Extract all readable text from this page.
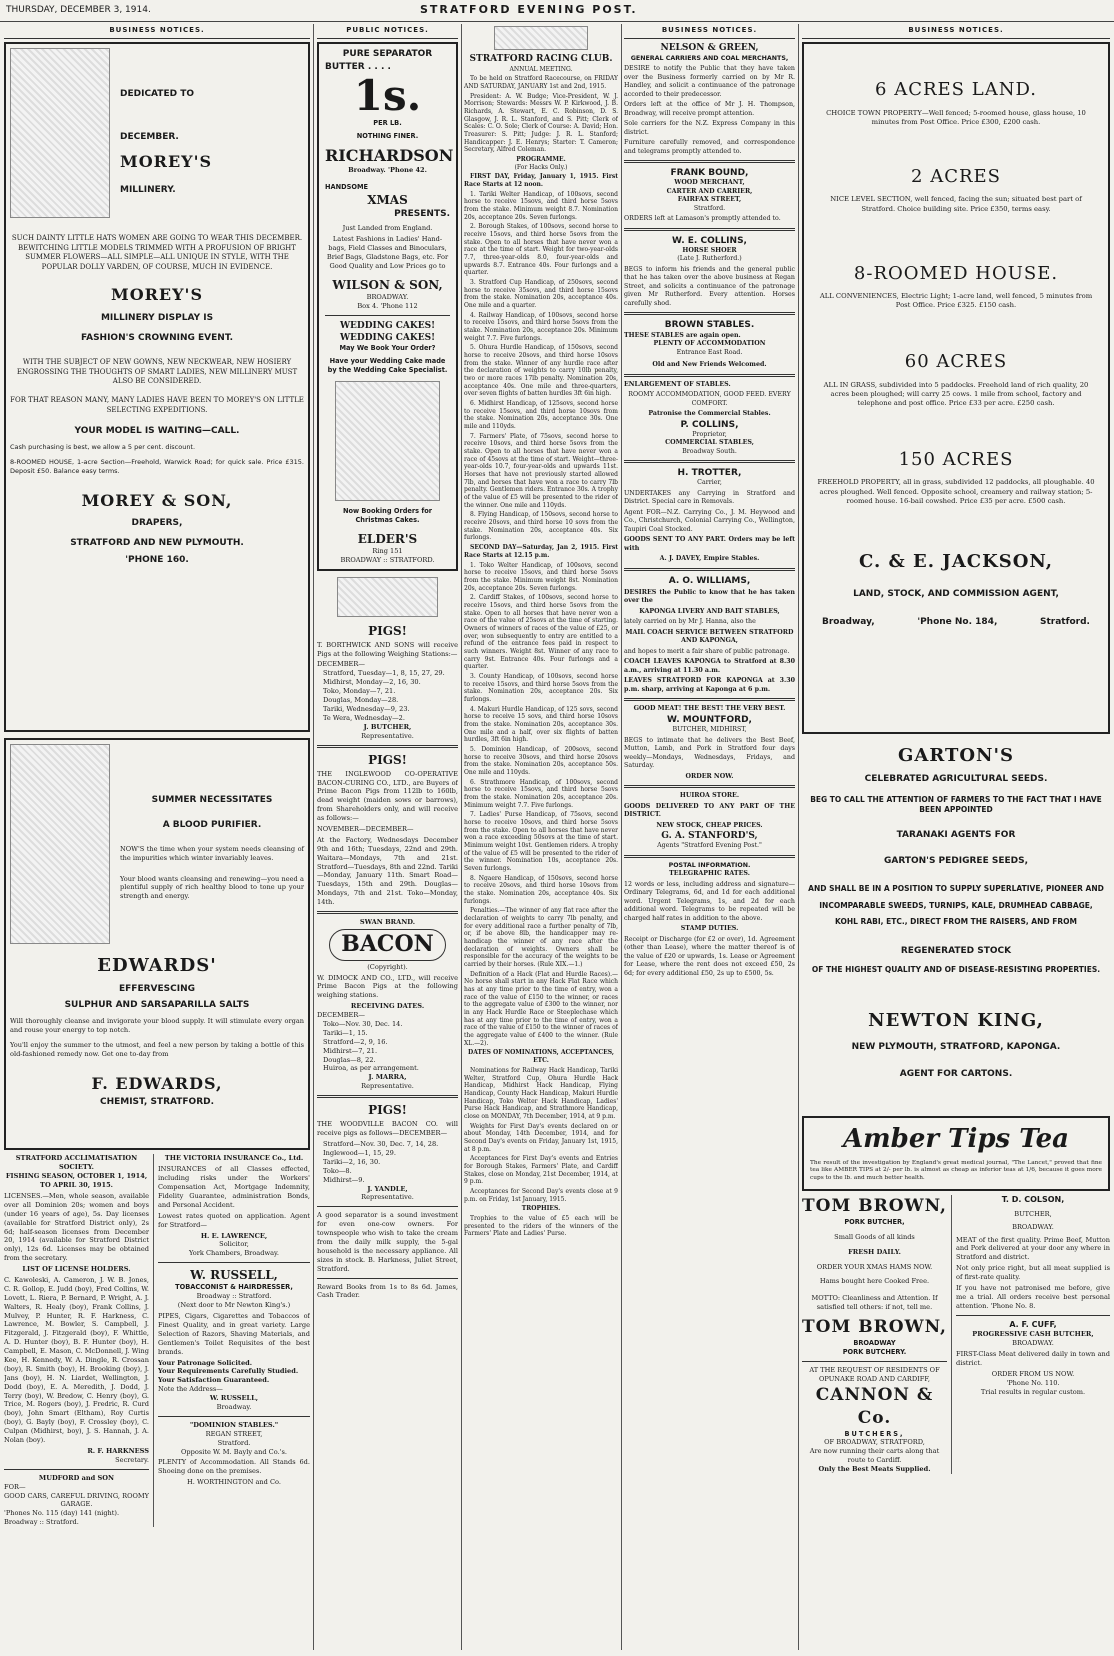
THURSDAY, DECEMBER 3, 1914.	STRATFORD EVENING POST.
BUSINESS NOTICES.
DEDICATED TO
DECEMBER.
MOREY'S
MILLINERY.

SUCH DAINTY LITTLE HATS WOMEN ARE GOING TO WEAR THIS DECEMBER. BEWITCHING LITTLE MODELS TRIMMED WITH A PROFUSION OF BRIGHT SUMMER FLOWERS—ALL SIMPLE—ALL UNIQUE IN STYLE, WITH THE POPULAR DOLLY VARDEN, OF COURSE, MUCH IN EVIDENCE.

MOREY'S
MILLINERY DISPLAY IS
FASHION'S CROWNING EVENT.

WITH THE SUBJECT OF NEW GOWNS, NEW NECKWEAR, NEW HOSIERY ENGROSSING THE THOUGHTS OF SMART LADIES, NEW MILLINERY MUST ALSO BE CONSIDERED.

FOR THAT REASON MANY, MANY LADIES HAVE BEEN TO MOREY'S ON LITTLE SELECTING EXPEDITIONS.

YOUR MODEL IS WAITING—CALL.

Cash purchasing is best, we allow a 5 per cent. discount.

8-ROOMED HOUSE, 1-acre Section—Freehold, Warwick Road; for quick sale. Price £315. Deposit £50. Balance easy terms.

MOREY & SON,
DRAPERS,
STRATFORD AND NEW PLYMOUTH.
'PHONE 160.
SUMMER NECESSITATES
A BLOOD PURIFIER.

NOW'S the time when your system needs cleansing of the impurities which winter invariably leaves.

Your blood wants cleansing and renewing—you need a plentiful supply of rich healthy blood to tone up your strength and energy.

EDWARDS'
EFFERVESCING
SULPHUR AND SARSAPARILLA SALTS

Will thoroughly cleanse and invigorate your blood supply. It will stimulate every organ and rouse your energy to top notch.

You'll enjoy the summer to the utmost, and feel a new person by taking a bottle of this old-fashioned remedy now. Get one to-day from

F. EDWARDS,
CHEMIST, STRATFORD.
STRATFORD ACCLIMATISATION SOCIETY.
FISHING SEASON, OCTOBER 1, 1914, TO APRIL 30, 1915.

LICENSES.—Men, whole season, available over all Dominion 20s; women and boys (under 16 years of age), 5s. Day licenses (available for Stratford District only), 2s 6d; half-season licenses from December 20, 1914 (available for Stratford District only), 12s 6d. Licenses may be obtained from the secretary.

LIST OF LICENSE HOLDERS.

C. Kawoleski, A. Cameron, J. W. B. Jones, C. R. Gollop, E. Judd (boy), Fred Collins, W. Lovett, L. Riera, P. Bernard, P. Wright, A. J. Walters, R. Healy (boy), Frank Collins, J. Mulvey, P. Hunter, R. F. Harkness, C. Lawrence, M. Bowler, S. Campbell, J. Fitzgerald, J. Fitzgerald (boy), F. Whittle, A. D. Hunter (boy), B. F. Hunter (boy), H. Campbell, E. Mason, C. McDonnell, J. Wing Kee, H. Kennedy, W. A. Dingle, R. Crossan (boy), R. Smith (boy), H. Brooking (boy), J. Jans (boy), H. N. Liardet, Wellington, J. Dodd (boy), E. A. Meredith, J. Dodd, J. Terry (boy), W. Bredow, C. Henry (boy), G. Trice, M. Rogers (boy), J. Fredric, R. Curd (boy), John Smart (Eltham), Roy Curtis (boy), G. Bayly (boy), F. Crossley (boy), C. Culpan (Midhirst, boy), J. S. Hannah, J. A. Nolan (boy).

R. F. HARKNESS
Secretary.
MUDFORD and SON
FOR—
GOOD CARS, CAREFUL DRIVING, ROOMY GARAGE.
'Phones No. 115 (day) 141 (night).
Broadway :: Stratford.
THE VICTORIA INSURANCE Co., Ltd.

INSURANCES of all Classes effected, including risks under the Workers' Compensation Act, Mortgage Indemnity, Fidelity Guarantee, administration Bonds, and Personal Accident.

Lowest rates quoted on application. Agent for Stratford—

H. E. LAWRENCE,
Solicitor,
York Chambers, Broadway.
W. RUSSELL,
TOBACCONIST & HAIRDRESSER,
Broadway :: Stratford.
(Next door to Mr Newton King's.)

PIPES, Cigars, Cigarettes and Tobaccos of Finest Quality, and in great variety. Large Selection of Razors, Shaving Materials, and Gentlemen's Toilet Requisites of the best brands.

Your Patronage Solicited.
Your Requirements Carefully Studied.
Your Satisfaction Guaranteed.
Note the Address—
W. RUSSELL,
Broadway.
"DOMINION STABLES."
REGAN STREET,
Stratford.
Opposite W. M. Bayly and Co.'s.

PLENTY of Accommodation. All Stands 6d. Shoeing done on the premises.

H. WORTHINGTON and Co.
PUBLIC NOTICES.
PURE SEPARATOR
BUTTER . . . .
1s.
PER LB.
NOTHING FINER.
RICHARDSON
Broadway. 'Phone 42.
HANDSOME
XMAS
PRESENTS.
Just Landed from England.

Latest Fashions in Ladies' Hand-bags, Field Classes and Binoculars, Brief Bags, Gladstone Bags, etc. For Good Quality and Low Prices go to

WILSON & SON,
BROADWAY.
Box 4. 'Phone 112
WEDDING CAKES! WEDDING CAKES!
May We Book Your Order?
Have your Wedding Cake made by the Wedding Cake Specialist.
Now Booking Orders for Christmas Cakes.
ELDER'S
Ring 151
BROADWAY :: STRATFORD.
PIGS!

T. BORTHWICK AND SONS will receive Pigs at the following Weighing Stations:—

DECEMBER—
Stratford, Tuesday—1, 8, 15, 27, 29.
Midhirst, Monday—2, 16, 30.
Toko, Monday—7, 21.
Douglas, Monday—28.
Tariki, Wednesday—9, 23.
Te Wera, Wednesday—2.
J. BUTCHER,
Representative.
PIGS!

THE INGLEWOOD CO-OPERATIVE BACON-CURING CO., LTD., are Buyers of Prime Bacon Pigs from 112lb to 160lb, dead weight (maiden sows or barrows), from Shareholders only, and will receive as follows:—

NOVEMBER—DECEMBER—

At the Factory, Wednesdays December 9th and 16th; Tuesdays, 22nd and 29th. Waitara—Mondays, 7th and 21st. Stratford—Tuesdays, 8th and 22nd. Tariki—Monday, January 11th. Smart Road—Tuesdays, 15th and 29th. Douglas—Mondays, 7th and 21st. Toko—Monday, 14th.

SWAN BRAND.
BACON
(Copyright).

W. DIMOCK AND CO., LTD., will receive Prime Bacon Pigs at the following weighing stations.

RECEIVING DATES.
DECEMBER—
Toko—Nov. 30, Dec. 14.
Tariki—1, 15.
Stratford—2, 9, 16.
Midhirst—7, 21.
Douglas—8, 22.
Huiroa, as per arrangement.
J. MARRA,
Representative.
PIGS!

THE WOODVILLE BACON CO. will receive pigs as follows—DECEMBER—

Stratford—Nov. 30, Dec. 7, 14, 28.
Inglewood—1, 15, 29.
Tariki—2, 16, 30.
Toko—8.
Midhirst—9.
J. YANDLE,
Representative.

A good separator is a sound investment for even one-cow owners. For townspeople who wish to take the cream from the daily milk supply, the 5-gal household is the necessary appliance. All sizes in stock. B. Harkness, Juliet Street, Stratford.

Reward Books from 1s to 8s 6d. James, Cash Trader.

STRATFORD RACING CLUB.
ANNUAL MEETING.

To be held on Stratford Racecourse, on FRIDAY AND SATURDAY, JANUARY 1st and 2nd, 1915.

President: A. W. Budge; Vice-President, W. J. Morrison; Stewards: Messrs W. P. Kirkwood, J. B. Richards, A. Stewart, E. C. Robinson, D. S. Glasgow, J. R. L. Stanford, and S. Pitt; Clerk of Scales: C. O. Sole; Clerk of Course: A. David; Hon. Treasurer: S. Pitt; Judge: J. R. L. Stanford; Handicapper: J. E. Henrys; Starter: T. Cameron; Secretary, Alfred Coleman.

PROGRAMME.
(For Hacks Only.)

FIRST DAY, Friday, January 1, 1915. First Race Starts at 12 noon.

1. Tariki Welter Handicap, of 100sovs, second horse to receive 15sovs, and third horse 5sovs from the stake. Minimum weight 8.7. Nomination 20s, acceptance 20s. Seven furlongs.

2. Borough Stakes, of 100sovs, second horse to receive 15sovs, and third horse 5sovs from the stake. Open to all horses that have never won a race at the time of start. Weight for two-year-olds 7.7, three-year-olds 8.0, four-year-olds and upwards 8.7. Entrance 40s. Four furlongs and a quarter.

3. Stratford Cup Handicap, of 250sovs, second horse to receive 35sovs, and third horse 15sovs from the stake. Nomination 20s, acceptance 40s. One mile and a quarter.

4. Railway Handicap, of 100sovs, second horse to receive 15sovs, and third horse 5sovs from the stake. Nomination 20s, acceptance 20s. Minimum weight 7.7. Five furlongs.

5. Ohura Hurdle Handicap, of 150sovs, second horse to receive 20sovs, and third horse 10sovs from the stake. Winner of any hurdle race after the declaration of weights to carry 10lb penalty, two or more races 17lb penalty. Nomination 20s, acceptance 40s. One mile and three-quarters, over seven flights of batten hurdles 3ft 6in high.

6. Midhirst Handicap, of 125sovs, second horse to receive 15sovs, and third horse 10sovs from the stake. Nomination 20s, acceptance 30s. One mile and 110yds.

7. Farmers' Plate, of 75sovs, second horse to receive 10sovs, and third horse 5sovs from the stake. Open to all horses that have never won a race of 45sovs at the time of start. Weight—three-year-olds 10.7, four-year-olds and upwards 11st. Horses that have not previously started allowed 7lb, and horses that have won a race to carry 7lb penalty. Gentlemen riders. Entrance 30s. A trophy of the value of £5 will be presented to the rider of the winner. One mile and 110yds.

8. Flying Handicap, of 150sovs, second horse to receive 20sovs, and third horse 10 sovs from the stake. Nomination 20s, acceptance 40s. Six furlongs.

SECOND DAY—Saturday, Jan 2, 1915. First Race Starts at 12.15 p.m.

1. Toko Welter Handicap, of 100sovs, second horse to receive 15sovs, and third horse 5sovs from the stake. Minimum weight 8st. Nomination 20s, acceptance 20s. Seven furlongs.

2. Cardiff Stakes, of 100sovs, second horse to receive 15sovs, and third horse 5sovs from the stake. Open to all horses that have never won a race of the value of 25sovs at the time of starting. Owners of winners of races of the value of £25, or over, won subsequently to entry are entitled to a refund of the entrance fees paid in respect to such winners. Weight 8st. Winner of any race to carry 9st. Entrance 40s. Four furlongs and a quarter.

3. County Handicap, of 100sovs, second horse to receive 15sovs, and third horse 5sovs from the stake. Nomination 20s, acceptance 20s. Six furlongs.

4. Makuri Hurdle Handicap, of 125 sovs, second horse to receive 15 sovs, and third horse 10sovs from the stake. Nomination 20s, acceptance 30s. One mile and a half, over six flights of batten hurdles, 3ft 6in high.

5. Dominion Handicap, of 200sovs, second horse to receive 30sovs, and third horse 20sovs from the stake. Nomination 20s, acceptance 50s. One mile and 110yds.

6. Strathmore Handicap, of 100sovs, second horse to receive 15sovs, and third horse 5sovs from the stake. Nomination 20s, acceptance 20s. Minimum weight 7.7. Five furlongs.

7. Ladies' Purse Handicap, of 75sovs, second horse to receive 10sovs, and third horse 5sovs from the stake. Open to all horses that have never won a race exceeding 50sovs at the time of start. Minimum weight 10st. Gentlemen riders. A trophy of the value of £5 will be presented to the rider of the winner. Nomination 10s, acceptance 20s. Seven furlongs.

8. Ngaere Handicap, of 150sovs, second horse to receive 20sovs, and third horse 10sovs from the stake. Nomination 20s, acceptance 40s. Six furlongs.

Penalties.—The winner of any flat race after the declaration of weights to carry 7lb penalty, and for every additional race a further penalty of 7lb, or, if be above 8lb, the handicapper may re-handicap the winner of any race after the declaration of weights. Owners shall be responsible for the accuracy of the weights to be carried by their horses. (Rule XIX.—1.)

Definition of a Hack (Flat and Hurdle Races).—No horse shall start in any Hack Flat Race which has at any time prior to the time of entry, won a race of the value of £150 to the winner, or races to the aggregate value of £300 to the winner, nor in any Hack Hurdle Race or Steeplechase which has at any time prior to the time of entry, won a race of the value of £150 to the winner of races of the aggregate value of £400 to the winner. (Rule XL.—2).

DATES OF NOMINATIONS, ACCEPTANCES, ETC.

Nominations for Railway Hack Handicap, Tariki Welter, Stratford Cup, Ohura Hurdle Hack Handicap, Midhirst Hack Handicap, Flying Handicap, County Hack Handicap, Makuri Hurdle Handicap, Toko Welter Hack Handicap, Ladies' Purse Hack Handicap, and Strathmore Handicap, close on MONDAY, 7th December, 1914, at 9 p.m.

Weights for First Day's events declared on or about Monday, 14th December, 1914, and for Second Day's events on Friday, January 1st, 1915, at 8 p.m.

Acceptances for First Day's events and Entries for Borough Stakes, Farmers' Plate, and Cardiff Stakes, close on Monday, 21st December, 1914, at 9 p.m.

Acceptances for Second Day's events close at 9 p.m. on Friday, 1st January, 1915.

TROPHIES.

Trophies to the value of £5 each will be presented to the riders of the winners of the Farmers' Plate and Ladies' Purse.

BUSINESS NOTICES.
NELSON & GREEN,
GENERAL CARRIERS AND COAL MERCHANTS,

DESIRE to notify the Public that they have taken over the Business formerly carried on by Mr R. Handley, and solicit a continuance of the patronage accorded to their predecessor.

Orders left at the office of Mr J. H. Thompson, Broadway, will receive prompt attention.

Sole carriers for the N.Z. Express Company in this district.

Furniture carefully removed, and correspondence and telegrams promptly attended to.

FRANK BOUND,
WOOD MERCHANT,
CARTER AND CARRIER,
FAIRFAX STREET,
Stratford.

ORDERS left at Lamason's promptly attended to.

W. E. COLLINS,
HORSE SHOER
(Late J. Rutherford.)

BEGS to inform his friends and the general public that he has taken over the above business at Regan Street, and solicits a continuance of the patronage given Mr Rutherford. Every attention. Horses carefully shod.

BROWN STABLES.
THESE STABLES are again open.
PLENTY OF ACCOMMODATION
Entrance East Road.
Old and New Friends Welcomed.
ENLARGEMENT OF STABLES.

ROOMY ACCOMMODATION, GOOD FEED. EVERY COMFORT.

Patronise the Commercial Stables.
P. COLLINS,
Proprietor,
COMMERCIAL STABLES,
Broadway South.
H. TROTTER,
Carrier,

UNDERTAKES any Carrying in Stratford and District. Special care in Removals.

Agent FOR—N.Z. Carrying Co., J. M. Heywood and Co., Christchurch, Colonial Carrying Co., Wellington, Taupiri Coal Stocked.

GOODS SENT TO ANY PART. Orders may be left with

A. J. DAVEY, Empire Stables.
A. O. WILLIAMS,

DESIRES the Public to know that he has taken over the

KAPONGA LIVERY AND BAIT STABLES,

lately carried on by Mr J. Hanna, also the

MAIL COACH SERVICE BETWEEN STRATFORD AND KAPONGA,

and hopes to merit a fair share of public patronage.

COACH LEAVES KAPONGA to Stratford at 8.30 a.m., arriving at 11.30 a.m.

LEAVES STRATFORD FOR KAPONGA at 3.30 p.m. sharp, arriving at Kaponga at 6 p.m.

GOOD MEAT! THE BEST! THE VERY BEST.
W. MOUNTFORD,
BUTCHER, MIDHIRST,

BEGS to intimate that he delivers the Best Beef, Mutton, Lamb, and Pork in Stratford four days weekly—Mondays, Wednesdays, Fridays, and Saturday.

ORDER NOW.
HUIROA STORE.

GOODS DELIVERED TO ANY PART OF THE DISTRICT.

NEW STOCK, CHEAP PRICES.
G. A. STANFORD'S,
Agents "Stratford Evening Post."
POSTAL INFORMATION.
TELEGRAPHIC RATES.

12 words or less, including address and signature— Ordinary Telegrams, 6d, and 1d for each additional word. Urgent Telegrams, 1s, and 2d for each additional word. Telegrams to be repeated will be charged half rates in addition to the above.

STAMP DUTIES.

Receipt or Discharge (for £2 or over), 1d. Agreement (other than Lease), where the matter thereof is of the value of £20 or upwards, 1s. Lease or Agreement for Lease, where the rent does not exceed £50, 2s 6d; for every additional £50, 2s up to £500, 5s.

BUSINESS NOTICES.
6 ACRES LAND.
CHOICE TOWN PROPERTY—Well fenced; 5-roomed house, glass house, 10 minutes from Post Office. Price £300, £200 cash.
2 ACRES
NICE LEVEL SECTION, well fenced, facing the sun; situated best part of Stratford. Choice building site. Price £350, terms easy.
8-ROOMED HOUSE.
ALL CONVENIENCES, Electric Light; 1-acre land, well fenced, 5 minutes from Post Office. Price £325. £150 cash.
60 ACRES
ALL IN GRASS, subdivided into 5 paddocks. Freehold land of rich quality, 20 acres been ploughed; will carry 25 cows. 1 mile from school, factory and telephone and post office. Price £33 per acre. £250 cash.
150 ACRES
FREEHOLD PROPERTY, all in grass, subdivided 12 paddocks, all ploughable. 40 acres ploughed. Well fenced. Opposite school, creamery and railway station; 5-roomed house. 16-bail cowshed. Price £35 per acre. £500 cash.
C. & E. JACKSON,
LAND, STOCK, AND COMMISSION AGENT,
Broadway,	'Phone No. 184,	Stratford.
GARTON'S
CELEBRATED AGRICULTURAL SEEDS.
BEG TO CALL THE ATTENTION OF FARMERS TO THE FACT THAT I HAVE BEEN APPOINTED
TARANAKI AGENTS FOR
GARTON'S PEDIGREE SEEDS,
AND SHALL BE IN A POSITION TO SUPPLY SUPERLATIVE, PIONEER AND INCOMPARABLE SWEEDS, TURNIPS, KALE, DRUMHEAD CABBAGE, KOHL RABI, ETC., DIRECT FROM THE RAISERS, AND FROM
REGENERATED STOCK
OF THE HIGHEST QUALITY AND OF DISEASE-RESISTING PROPERTIES.
NEWTON KING,
NEW PLYMOUTH, STRATFORD, KAPONGA.
AGENT FOR CARTONS.
Amber Tips Tea

The result of the investigation by England's great medical journal, "The Lancet," proved that fine tea like AMBER TIPS at 2/- per lb. is almost as cheap as inferior teas at 1/6, because it goes more cups to the lb. and much better health.

TOM BROWN,
PORK BUTCHER,
Small Goods of all kinds
FRESH DAILY.
ORDER YOUR XMAS HAMS NOW.
Hams bought here Cooked Free.

MOTTO: Cleanliness and Attention. If satisfied tell others: if not, tell me.

TOM BROWN,
BROADWAY
PORK BUTCHERY.
AT THE REQUEST OF RESIDENTS OF OPUNAKE ROAD AND CARDIFF,
CANNON & Co.
BUTCHERS,
OF BROADWAY, STRATFORD,
Are now running their carts along that route to Cardiff.
Only the Best Meats Supplied.
T. D. COLSON,
BUTCHER,
BROADWAY.

MEAT of the first quality. Prime Beef, Mutton and Pork delivered at your door any where in Stratford and district.

Not only price right, but all meat supplied is of first-rate quality.

If you have not patronised me before, give me a trial. All orders receive best personal attention. 'Phone No. 8.

A. F. CUFF,
PROGRESSIVE CASH BUTCHER,
BROADWAY.

FIRST-Class Meat delivered daily in town and district.

ORDER FROM US NOW.
'Phone No. 110.
Trial results in regular custom.
